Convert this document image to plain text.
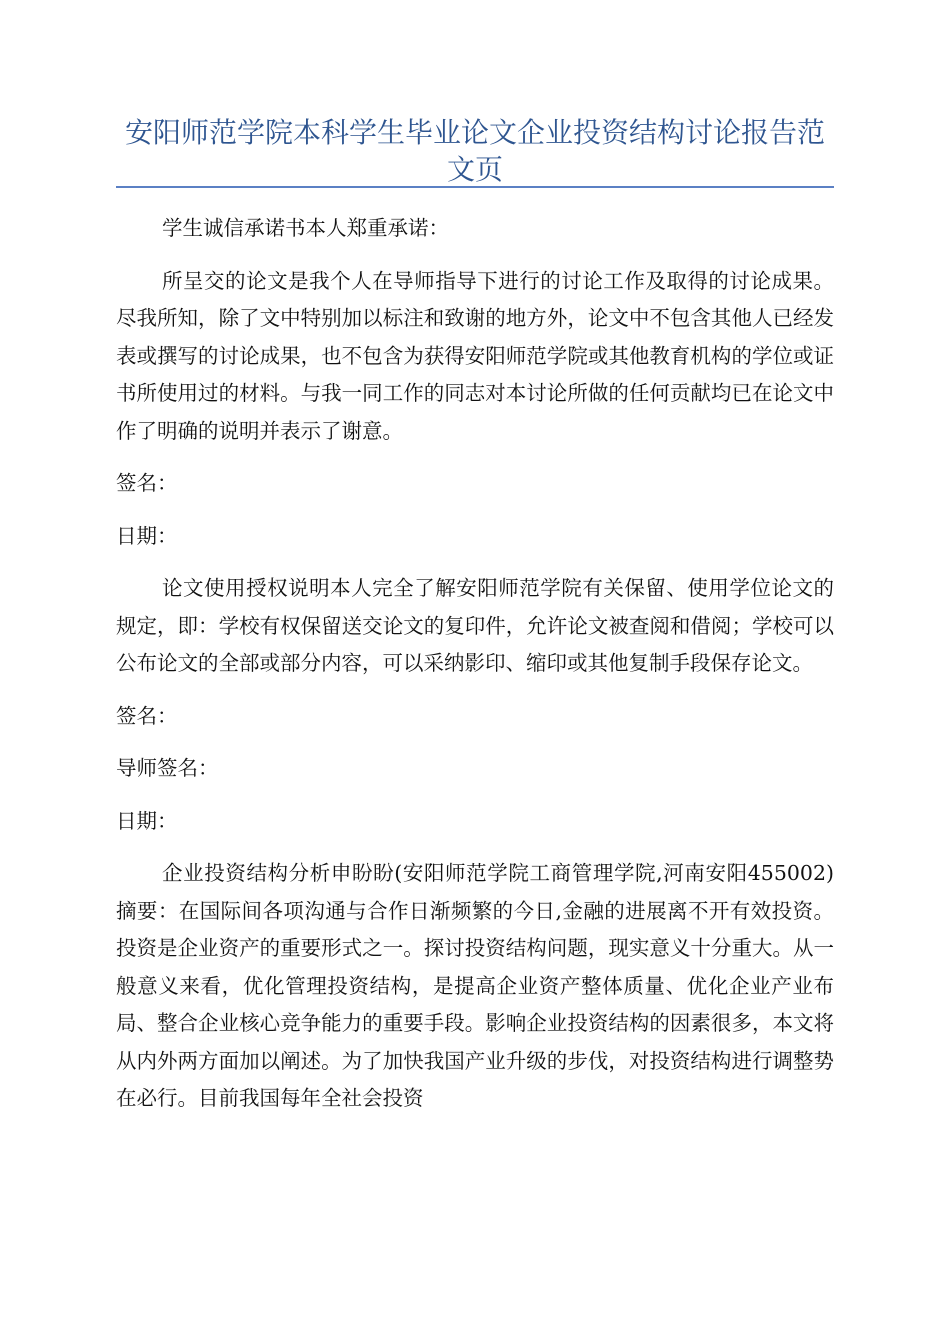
安阳师范学院本科学生毕业论文企业投资结构讨论报告范文页

学生诚信承诺书本人郑重承诺：

所呈交的论文是我个人在导师指导下进行的讨论工作及取得的讨论成果。尽我所知，除了文中特别加以标注和致谢的地方外，论文中不包含其他人已经发表或撰写的讨论成果，也不包含为获得安阳师范学院或其他教育机构的学位或证书所使用过的材料。与我一同工作的同志对本讨论所做的任何贡献均已在论文中作了明确的说明并表示了谢意。

签名：

日期：

论文使用授权说明本人完全了解安阳师范学院有关保留、使用学位论文的规定，即：学校有权保留送交论文的复印件，允许论文被查阅和借阅；学校可以公布论文的全部或部分内容，可以采纳影印、缩印或其他复制手段保存论文。

签名：

导师签名：

日期：

企业投资结构分析申盼盼(安阳师范学院工商管理学院,河南安阳455002)摘要：在国际间各项沟通与合作日渐频繁的今日,金融的进展离不开有效投资。投资是企业资产的重要形式之一。探讨投资结构问题，现实意义十分重大。从一般意义来看，优化管理投资结构，是提高企业资产整体质量、优化企业产业布局、整合企业核心竞争能力的重要手段。影响企业投资结构的因素很多，本文将从内外两方面加以阐述。为了加快我国产业升级的步伐，对投资结构进行调整势在必行。目前我国每年全社会投资
